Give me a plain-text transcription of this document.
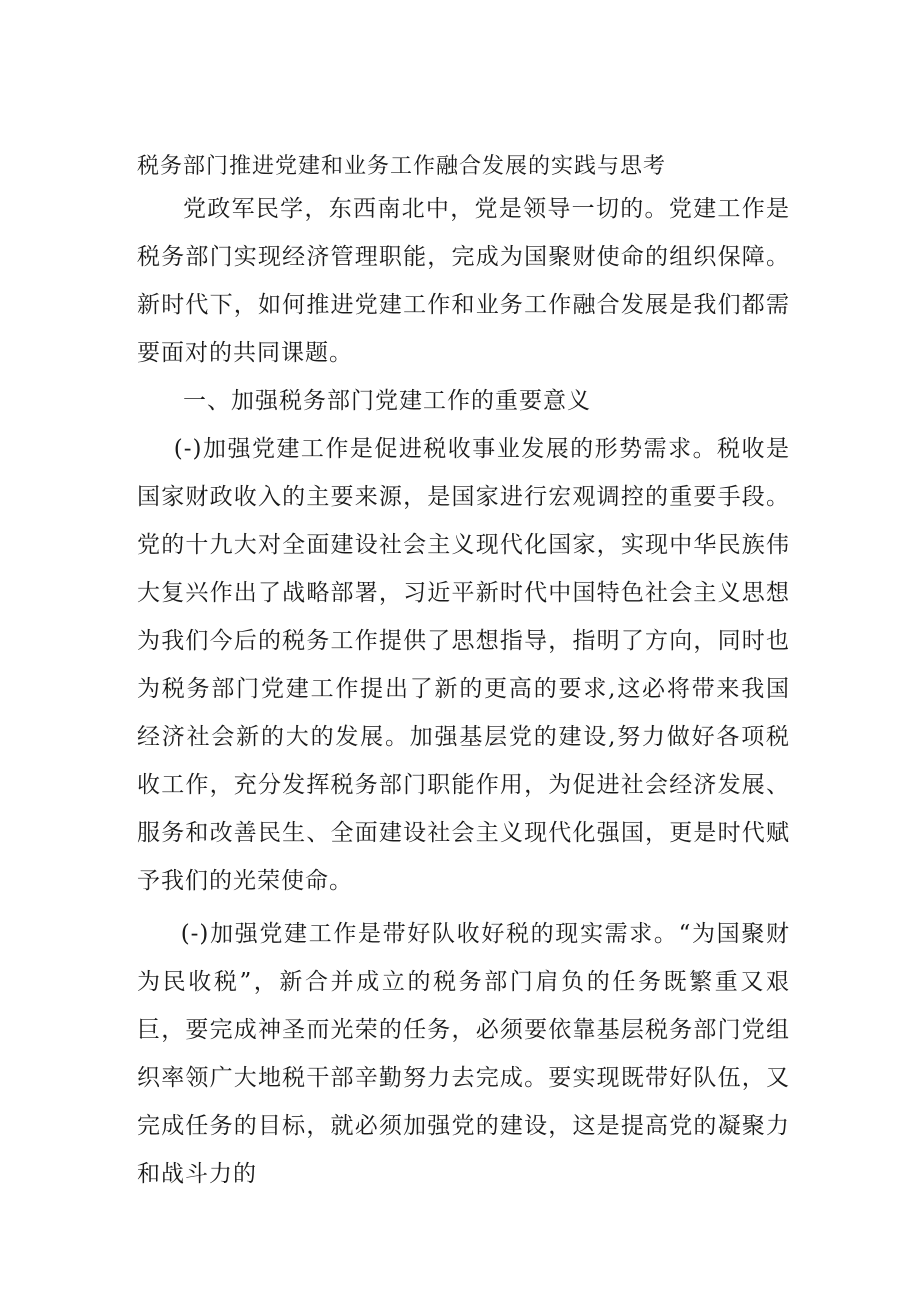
税务部门推进党建和业务工作融合发展的实践与思考

党政军民学，东西南北中，党是领导一切的。党建工作是税务部门实现经济管理职能，完成为国聚财使命的组织保障。新时代下，如何推进党建工作和业务工作融合发展是我们都需要面对的共同课题。

一、加强税务部门党建工作的重要意义

(-)加强党建工作是促进税收事业发展的形势需求。税收是国家财政收入的主要来源，是国家进行宏观调控的重要手段。党的十九大对全面建设社会主义现代化国家，实现中华民族伟大复兴作出了战略部署，习近平新时代中国特色社会主义思想为我们今后的税务工作提供了思想指导，指明了方向，同时也为税务部门党建工作提出了新的更高的要求,这必将带来我国经济社会新的大的发展。加强基层党的建设,努力做好各项税收工作，充分发挥税务部门职能作用，为促进社会经济发展、服务和改善民生、全面建设社会主义现代化强国，更是时代赋予我们的光荣使命。

(-)加强党建工作是带好队收好税的现实需求。“为国聚财为民收税”，新合并成立的税务部门肩负的任务既繁重又艰巨，要完成神圣而光荣的任务，必须要依靠基层税务部门党组织率领广大地税干部辛勤努力去完成。要实现既带好队伍，又完成任务的目标，就必须加强党的建设，这是提高党的凝聚力和战斗力的
